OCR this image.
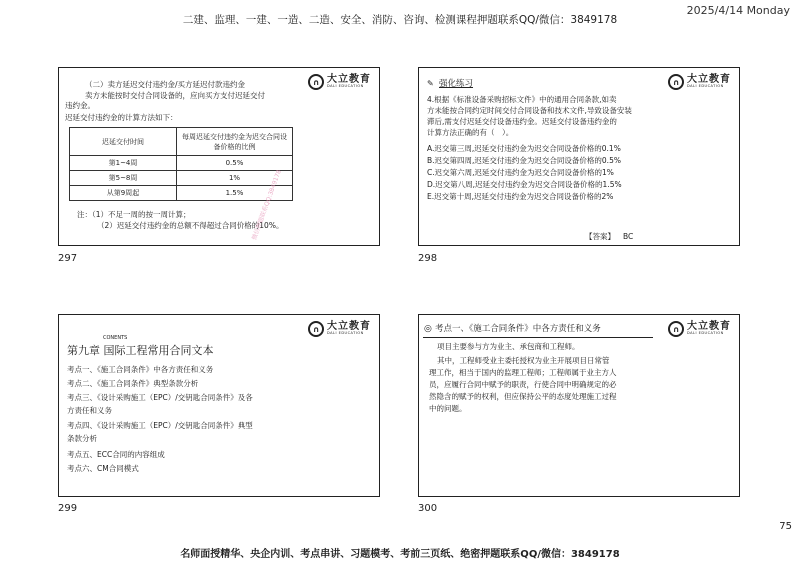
二建、监理、一建、一造、二造、安全、消防、咨询、检测课程押题联系QQ/微信：3849178
2025/4/14 Monday
∩ 大立教育
DALI EDUCATION
（二）卖方延迟交付违约金/买方延迟付款违约金
卖方未能按时交付合同设备的，应向买方支付迟延交付
违约金。
迟延交付违约金的计算方法如下：
迟延交付时间	每周迟延交付违约金为迟交合同设备价格的比例
第1~4周	0.5%
第5~8周	1%
从第9周起	1.5%
注：（1）不足一周的按一周计算；
（2）迟延交付违约金的总额不得超过合同价格的10%。
微信押题联系QQ:3849178
297
∩ 大立教育
DALI EDUCATION
✎ 强化练习
4.根据《标准设备采购招标文件》中的通用合同条款,如卖
方未能按合同约定时间交付合同设备和技术文件,导致设备安装
滞后,需支付迟延交付设备违约金。迟延交付设备违约金的
计算方法正确的有（　）。
A.迟交第三周,迟延交付违约金为迟交合同设备价格的0.1%
B.迟交第四周,迟延交付违约金为迟交合同设备价格的0.5%
C.迟交第六周,迟延交付违约金为迟交合同设备价格的1%
D.迟交第八周,迟延交付违约金为迟交合同设备价格的1.5%
E.迟交第十周,迟延交付违约金为迟交合同设备价格的2%
【答案】 BC
298
∩ 大立教育
DALI EDUCATION
CONENTS
第九章 国际工程常用合同文本
考点一、《施工合同条件》中各方责任和义务
考点二、《施工合同条件》典型条款分析
考点三、《设计采购施工（EPC）/交钥匙合同条件》及各
方责任和义务
考点四、《设计采购施工（EPC）/交钥匙合同条件》典型
条款分析
考点五、ECC合同的内容组成
考点六、CM合同模式
299
∩ 大立教育
DALI EDUCATION
◎ 考点一、《施工合同条件》中各方责任和义务
项目主要参与方为业主、承包商和工程师。
其中，工程师受业主委托授权为业主开展项目日常管
理工作，相当于国内的监理工程师；工程师属于业主方人
员，应履行合同中赋予的职责，行使合同中明确规定的必
然隐含的赋予的权利，但应保持公平的态度处理施工过程
中的问题。
300
75
名师面授精华、央企内训、考点串讲、习题模考、考前三页纸、绝密押题联系QQ/微信：3849178
